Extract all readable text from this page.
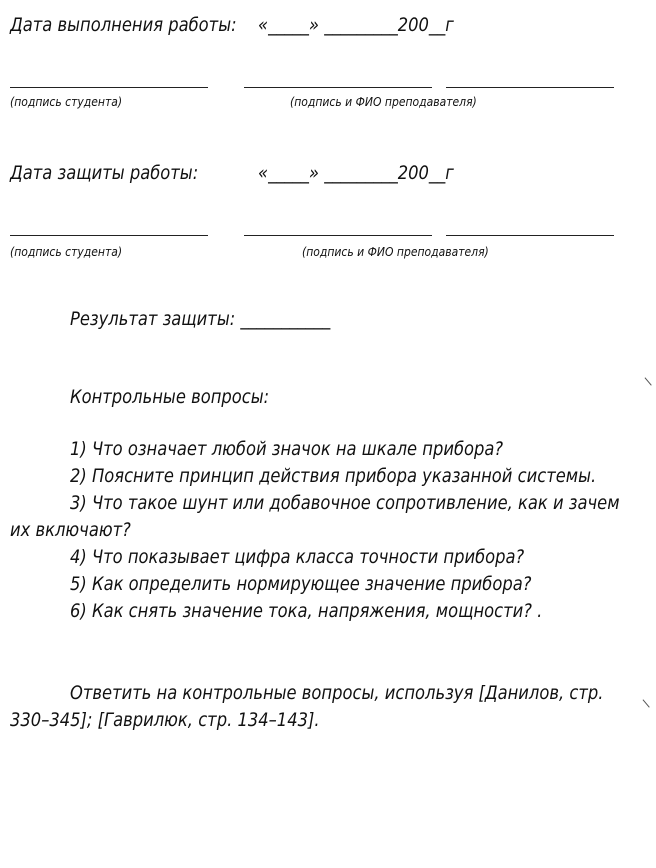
Дата выполнения работы: «_____» _________200__г
(подпись студента)	(подпись и ФИО преподавателя)
Дата защиты работы:	«_____» _________200__г
(подпись студента)	(подпись и ФИО преподавателя)
Результат защиты: ___________
Контрольные вопросы:
1) Что означает любой значок на шкале прибора?
2) Поясните принцип действия прибора указанной системы.
3) Что такое шунт или добавочное сопротивление, как и зачем
их включают?
4) Что показывает цифра класса точности прибора?
5) Как определить нормирующее значение прибора?
6) Как снять значение тока, напряжения, мощности? .
Ответить на контрольные вопросы, используя [Данилов, стр.
330–345]; [Гаврилюк, стр. 134–143].
